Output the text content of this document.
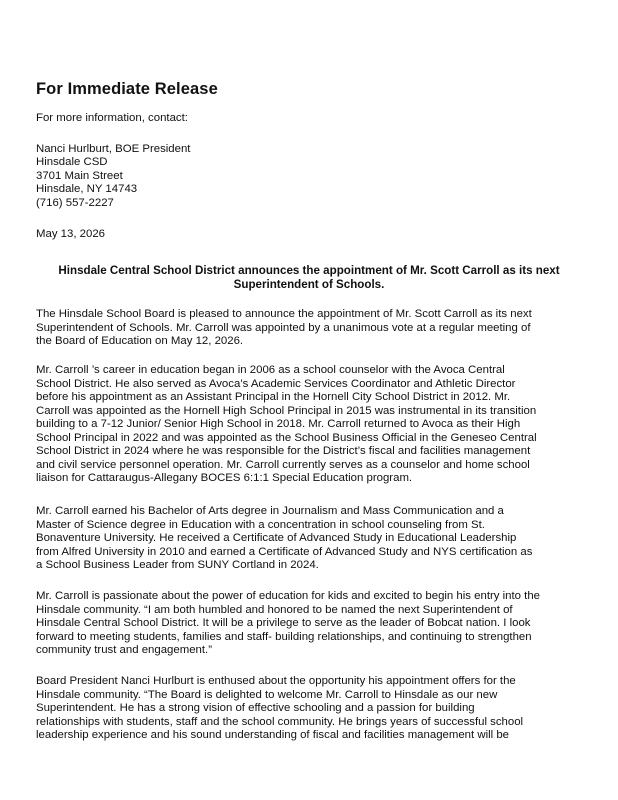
For Immediate Release

For more information, contact:

Nanci Hurlburt, BOE President
Hinsdale CSD
3701 Main Street
Hinsdale, NY 14743
(716) 557-2227

May 13, 2026

Hinsdale Central School District announces the appointment of Mr. Scott Carroll as its next
Superintendent of Schools.

The Hinsdale School Board is pleased to announce the appointment of Mr. Scott Carroll as its next
Superintendent of Schools. Mr. Carroll was appointed by a unanimous vote at a regular meeting of
the Board of Education on May 12, 2026.

Mr. Carroll ’s career in education began in 2006 as a school counselor with the Avoca Central
School District. He also served as Avoca’s Academic Services Coordinator and Athletic Director
before his appointment as an Assistant Principal in the Hornell City School District in 2012. Mr.
Carroll was appointed as the Hornell High School Principal in 2015 was instrumental in its transition
building to a 7-12 Junior/ Senior High School in 2018. Mr. Carroll returned to Avoca as their High
School Principal in 2022 and was appointed as the School Business Official in the Geneseo Central
School District in 2024 where he was responsible for the District’s fiscal and facilities management
and civil service personnel operation. Mr. Carroll currently serves as a counselor and home school
liaison for Cattaraugus-Allegany BOCES 6:1:1 Special Education program.

Mr. Carroll earned his Bachelor of Arts degree in Journalism and Mass Communication and a
Master of Science degree in Education with a concentration in school counseling from St.
Bonaventure University. He received a Certificate of Advanced Study in Educational Leadership
from Alfred University in 2010 and earned a Certificate of Advanced Study and NYS certification as
a School Business Leader from SUNY Cortland in 2024.

Mr. Carroll is passionate about the power of education for kids and excited to begin his entry into the
Hinsdale community. “I am both humbled and honored to be named the next Superintendent of
Hinsdale Central School District. It will be a privilege to serve as the leader of Bobcat nation. I look
forward to meeting students, families and staff- building relationships, and continuing to strengthen
community trust and engagement.”

Board President Nanci Hurlburt is enthused about the opportunity his appointment offers for the
Hinsdale community. “The Board is delighted to welcome Mr. Carroll to Hinsdale as our new
Superintendent. He has a strong vision of effective schooling and a passion for building
relationships with students, staff and the school community. He brings years of successful school
leadership experience and his sound understanding of fiscal and facilities management will be
